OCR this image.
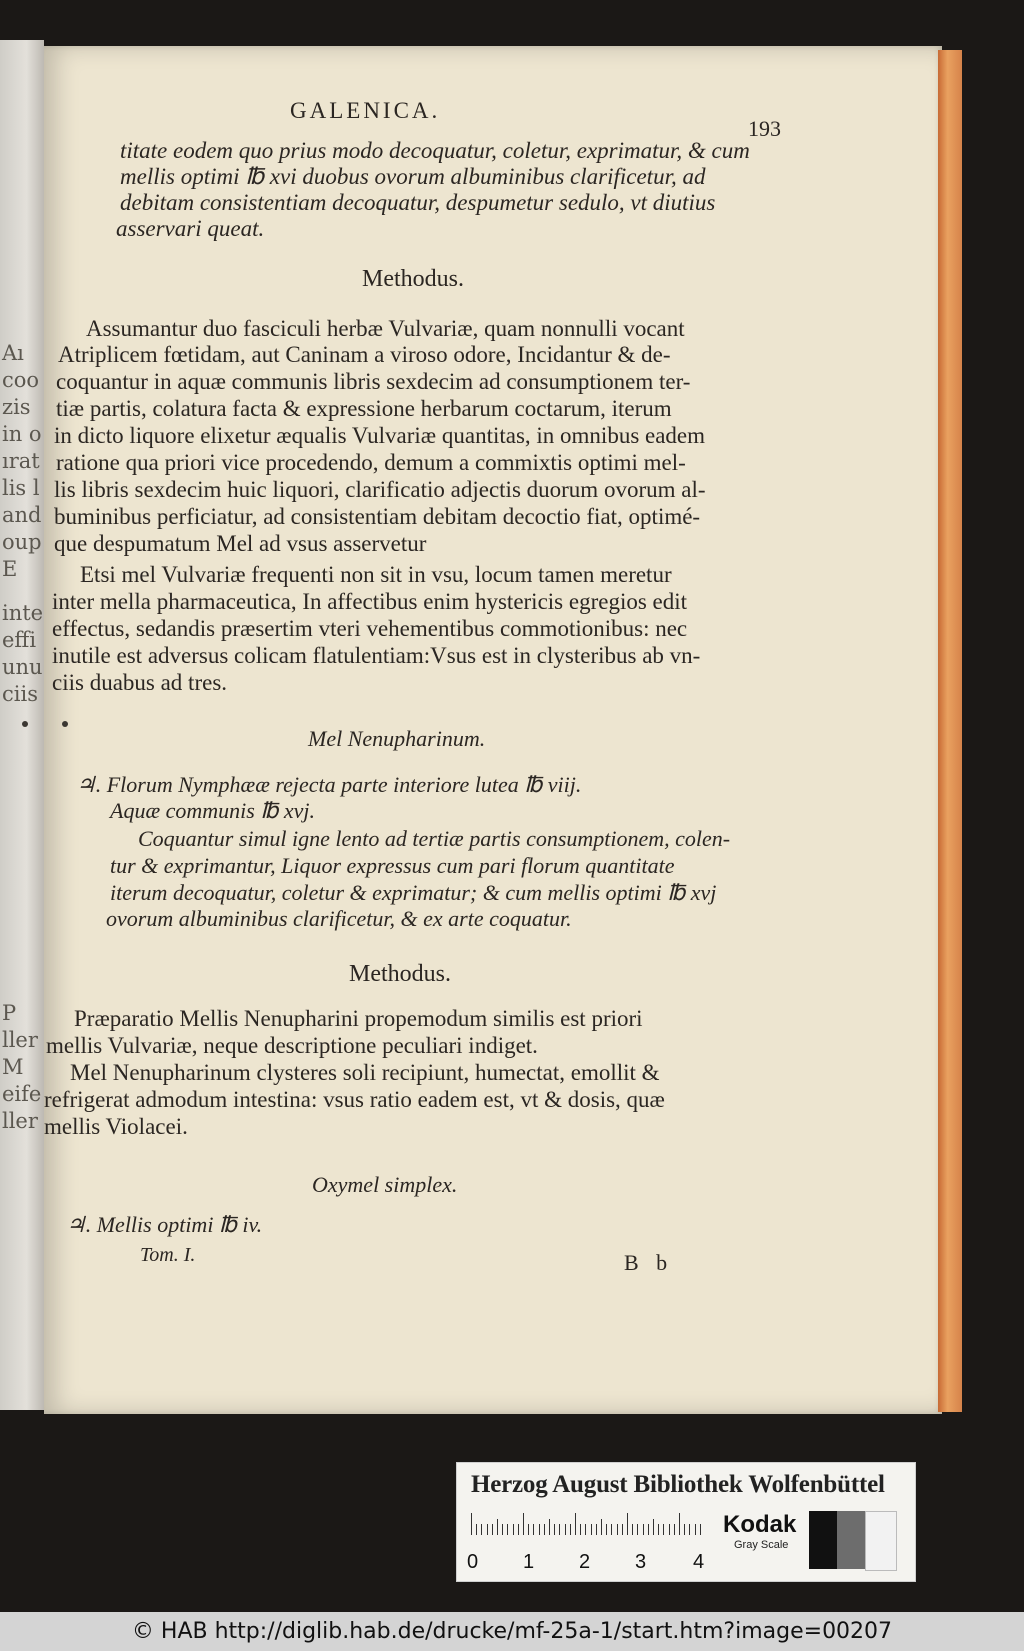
Aı
coo
zis
in o
ırat
lis l
and
oup
E
inte
effi
unu
ciis
P
ller
M
eife
ller
GALENICA.
193
titate eodem quo prius modo decoquatur, coletur, exprimatur, & cum
mellis optimi ℔ xvi duobus ovorum albuminibus clarificetur, ad
debitam consistentiam decoquatur, despumetur sedulo, vt diutius
asservari queat.
Methodus.
Assumantur duo fasciculi herbæ Vulvariæ, quam nonnulli vocant
Atriplicem fœtidam, aut Caninam a viroso odore, Incidantur & de-
coquantur in aquæ communis libris sexdecim ad consumptionem ter-
tiæ partis, colatura facta & expressione herbarum coctarum, iterum
in dicto liquore elixetur æqualis Vulvariæ quantitas, in omnibus eadem
ratione qua priori vice procedendo, demum a commixtis optimi mel-
lis libris sexdecim huic liquori, clarificatio adjectis duorum ovorum al-
buminibus perficiatur, ad consistentiam debitam decoctio fiat, optimé-
que despumatum Mel ad vsus asservetur
Etsi mel Vulvariæ frequenti non sit in vsu, locum tamen meretur
inter mella pharmaceutica, In affectibus enim hystericis egregios edit
effectus, sedandis præsertim vteri vehementibus commotionibus: nec
inutile est adversus colicam flatulentiam:Vsus est in clysteribus ab vn-
ciis duabus ad tres.
Mel Nenupharinum.
♃. Florum Nymphææ rejecta parte interiore lutea ℔ viij.
Aquæ communis ℔ xvj.
Coquantur simul igne lento ad tertiæ partis consumptionem, colen-
tur & exprimantur, Liquor expressus cum pari florum quantitate
iterum decoquatur, coletur & exprimatur; & cum mellis optimi ℔ xvj
ovorum albuminibus clarificetur, & ex arte coquatur.
Methodus.
Præparatio Mellis Nenupharini propemodum similis est priori
mellis Vulvariæ, neque descriptione peculiari indiget.
Mel Nenupharinum clysteres soli recipiunt, humectat, emollit &
refrigerat admodum intestina: vsus ratio eadem est, vt & dosis, quæ
mellis Violacei.
Oxymel simplex.
♃. Mellis optimi ℔ iv.
Tom. I.	B b
Herzog August Bibliothek Wolfenbüttel
0 1 2 3 4
Kodak
Gray Scale
© HAB http://diglib.hab.de/drucke/mf-25a-1/start.htm?image=00207
